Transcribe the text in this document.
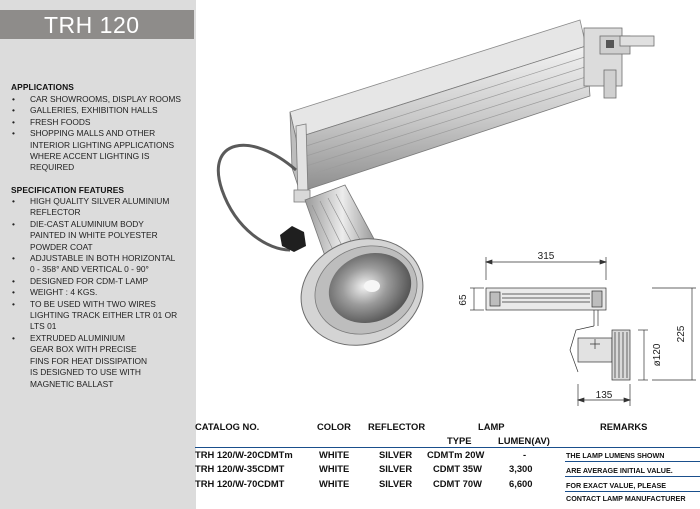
TRH 120
APPLICATIONS
• CAR SHOWROOMS, DISPLAY ROOMS
• GALLERIES, EXHIBITION HALLS
• FRESH FOODS
• SHOPPING MALLS AND OTHER
INTERIOR LIGHTING APPLICATIONS
WHERE ACCENT LIGHTING IS
REQUIRED
SPECIFICATION FEATURES
• HIGH QUALITY SILVER ALUMINIUM
REFLECTOR
• DIE-CAST ALUMINIUM BODY
PAINTED IN WHITE POLYESTER
POWDER COAT
• ADJUSTABLE IN BOTH HORIZONTAL
0 - 358° AND VERTICAL 0 - 90°
• DESIGNED FOR CDM-T LAMP
• WEIGHT : 4 KGS.
• TO BE USED WITH TWO WIRES
LIGHTING TRACK EITHER LTR 01 OR
LTS 01
• EXTRUDED ALUMINIUM
GEAR BOX WITH PRECISE
FINS FOR HEAT DISSIPATION
IS DESIGNED TO USE WITH
MAGNETIC BALLAST
315
65
ø120
225
135
CATALOG NO.	COLOR REFLECTOR	LAMP	REMARKS
TYPE	LUMEN(AV)
TRH 120/W-20CDMTm	WHITE	SILVER CDMTm 20W	-	THE LAMP LUMENS SHOWN
TRH 120/W-35CDMT	WHITE	SILVER CDMT 35W	3,300	ARE AVERAGE INITIAL VALUE.
TRH 120/W-70CDMT	WHITE	SILVER CDMT 70W	6,600	FOR EXACT VALUE, PLEASE
CONTACT LAMP MANUFACTURER
